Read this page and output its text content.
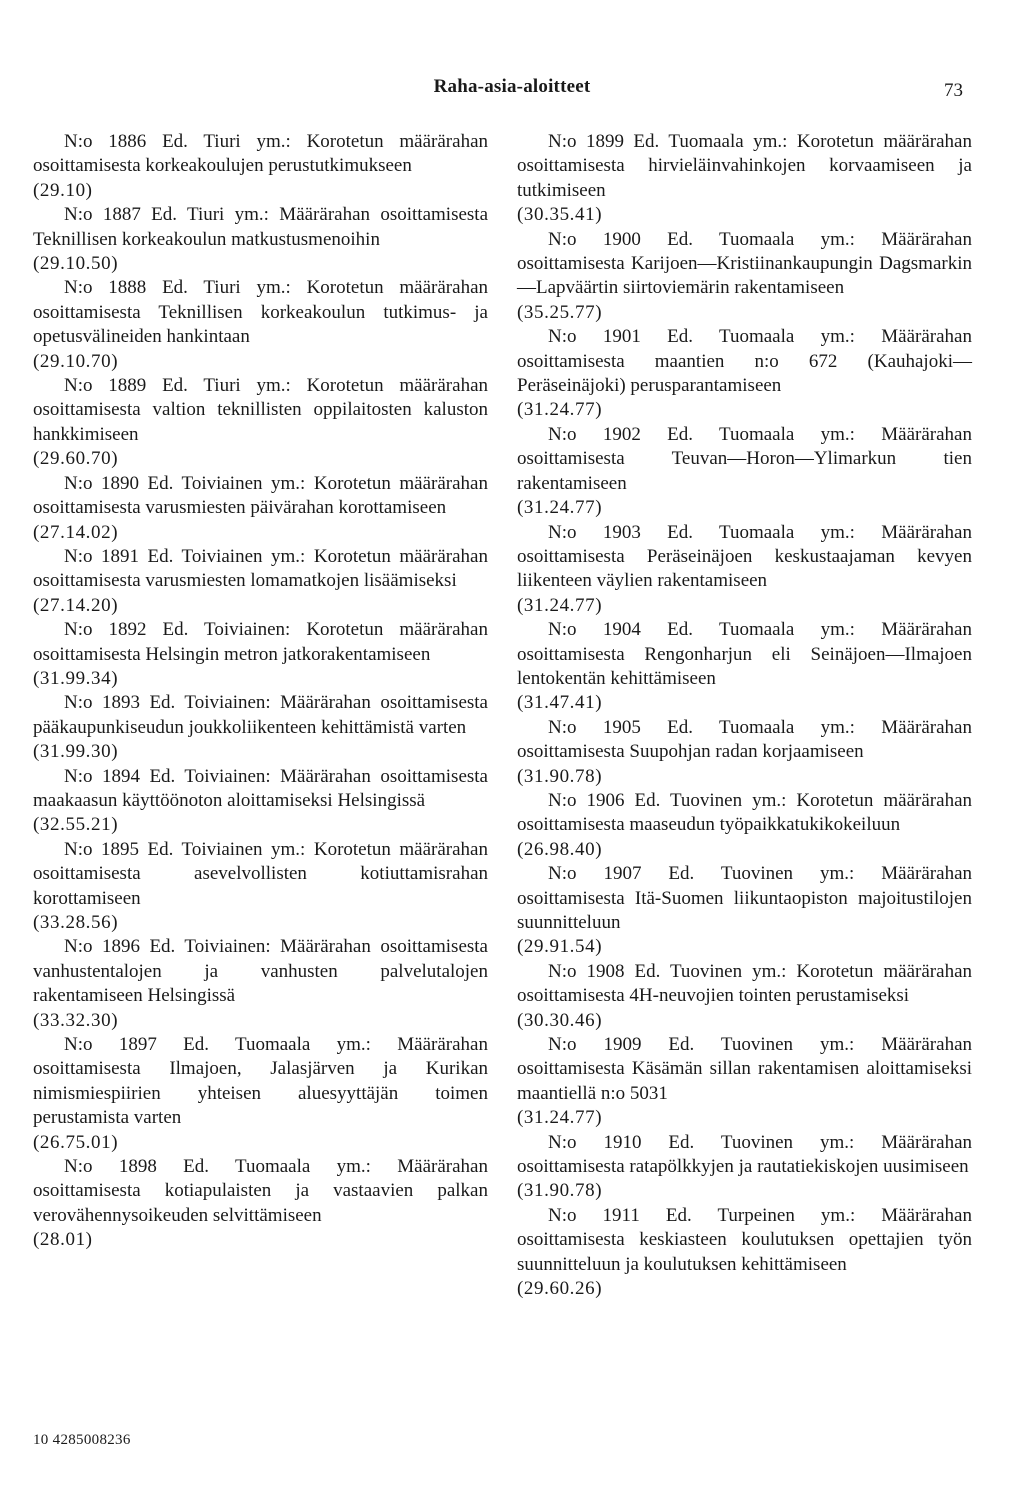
Raha-asia-aloitteet	73

N:o 1886 Ed. Tiuri ym.: Korotetun määrärahan osoittamisesta korkeakoulujen perustutkimukseen

(29.10)

N:o 1887 Ed. Tiuri ym.: Määrärahan osoittamisesta Teknillisen korkeakoulun matkustusmenoihin

(29.10.50)

N:o 1888 Ed. Tiuri ym.: Korotetun määrärahan osoittamisesta Teknillisen korkeakoulun tutkimus- ja opetusvälineiden hankintaan

(29.10.70)

N:o 1889 Ed. Tiuri ym.: Korotetun määrärahan osoittamisesta valtion teknillisten oppilaitosten kaluston hankkimiseen

(29.60.70)

N:o 1890 Ed. Toiviainen ym.: Korotetun määrärahan osoittamisesta varusmiesten päivärahan korottamiseen

(27.14.02)

N:o 1891 Ed. Toiviainen ym.: Korotetun määrärahan osoittamisesta varusmiesten lomamatkojen lisäämiseksi

(27.14.20)

N:o 1892 Ed. Toiviainen: Korotetun määrärahan osoittamisesta Helsingin metron jatkorakentamiseen

(31.99.34)

N:o 1893 Ed. Toiviainen: Määrärahan osoittamisesta pääkaupunkiseudun joukkoliikenteen kehittämistä varten

(31.99.30)

N:o 1894 Ed. Toiviainen: Määrärahan osoittamisesta maakaasun käyttöönoton aloittamiseksi Helsingissä

(32.55.21)

N:o 1895 Ed. Toiviainen ym.: Korotetun määrärahan osoittamisesta asevelvollisten kotiuttamisrahan korottamiseen

(33.28.56)

N:o 1896 Ed. Toiviainen: Määrärahan osoittamisesta vanhustentalojen ja vanhusten palvelutalojen rakentamiseen Helsingissä

(33.32.30)

N:o 1897 Ed. Tuomaala ym.: Määrärahan osoittamisesta Ilmajoen, Jalasjärven ja Kurikan nimismiespiirien yhteisen aluesyyttäjän toimen perustamista varten

(26.75.01)

N:o 1898 Ed. Tuomaala ym.: Määrärahan osoittamisesta kotiapulaisten ja vastaavien palkan verovähennysoikeuden selvittämiseen

(28.01)

N:o 1899 Ed. Tuomaala ym.: Korotetun määrärahan osoittamisesta hirvieläinvahinkojen korvaamiseen ja tutkimiseen

(30.35.41)

N:o 1900 Ed. Tuomaala ym.: Määrärahan osoittamisesta Karijoen—Kristiinankaupungin Dagsmarkin—Lapväärtin siirtoviemärin rakentamiseen

(35.25.77)

N:o 1901 Ed. Tuomaala ym.: Määrärahan osoittamisesta maantien n:o 672 (Kauhajoki—Peräseinäjoki) perusparantamiseen

(31.24.77)

N:o 1902 Ed. Tuomaala ym.: Määrärahan osoittamisesta Teuvan—Horon—Ylimarkun tien rakentamiseen

(31.24.77)

N:o 1903 Ed. Tuomaala ym.: Määrärahan osoittamisesta Peräseinäjoen keskustaajaman kevyen liikenteen väylien rakentamiseen

(31.24.77)

N:o 1904 Ed. Tuomaala ym.: Määrärahan osoittamisesta Rengonharjun eli Seinäjoen—Ilmajoen lentokentän kehittämiseen

(31.47.41)

N:o 1905 Ed. Tuomaala ym.: Määrärahan osoittamisesta Suupohjan radan korjaamiseen

(31.90.78)

N:o 1906 Ed. Tuovinen ym.: Korotetun määrärahan osoittamisesta maaseudun työpaikkatukikokeiluun

(26.98.40)

N:o 1907 Ed. Tuovinen ym.: Määrärahan osoittamisesta Itä-Suomen liikuntaopiston majoitustilojen suunnitteluun

(29.91.54)

N:o 1908 Ed. Tuovinen ym.: Korotetun määrärahan osoittamisesta 4H-neuvojien tointen perustamiseksi

(30.30.46)

N:o 1909 Ed. Tuovinen ym.: Määrärahan osoittamisesta Käsämän sillan rakentamisen aloittamiseksi maantiellä n:o 5031

(31.24.77)

N:o 1910 Ed. Tuovinen ym.: Määrärahan osoittamisesta ratapölkkyjen ja rautatiekiskojen uusimiseen

(31.90.78)

N:o 1911 Ed. Turpeinen ym.: Määrärahan osoittamisesta keskiasteen koulutuksen opettajien työn suunnitteluun ja koulutuksen kehittämiseen

(29.60.26)

10 4285008236
